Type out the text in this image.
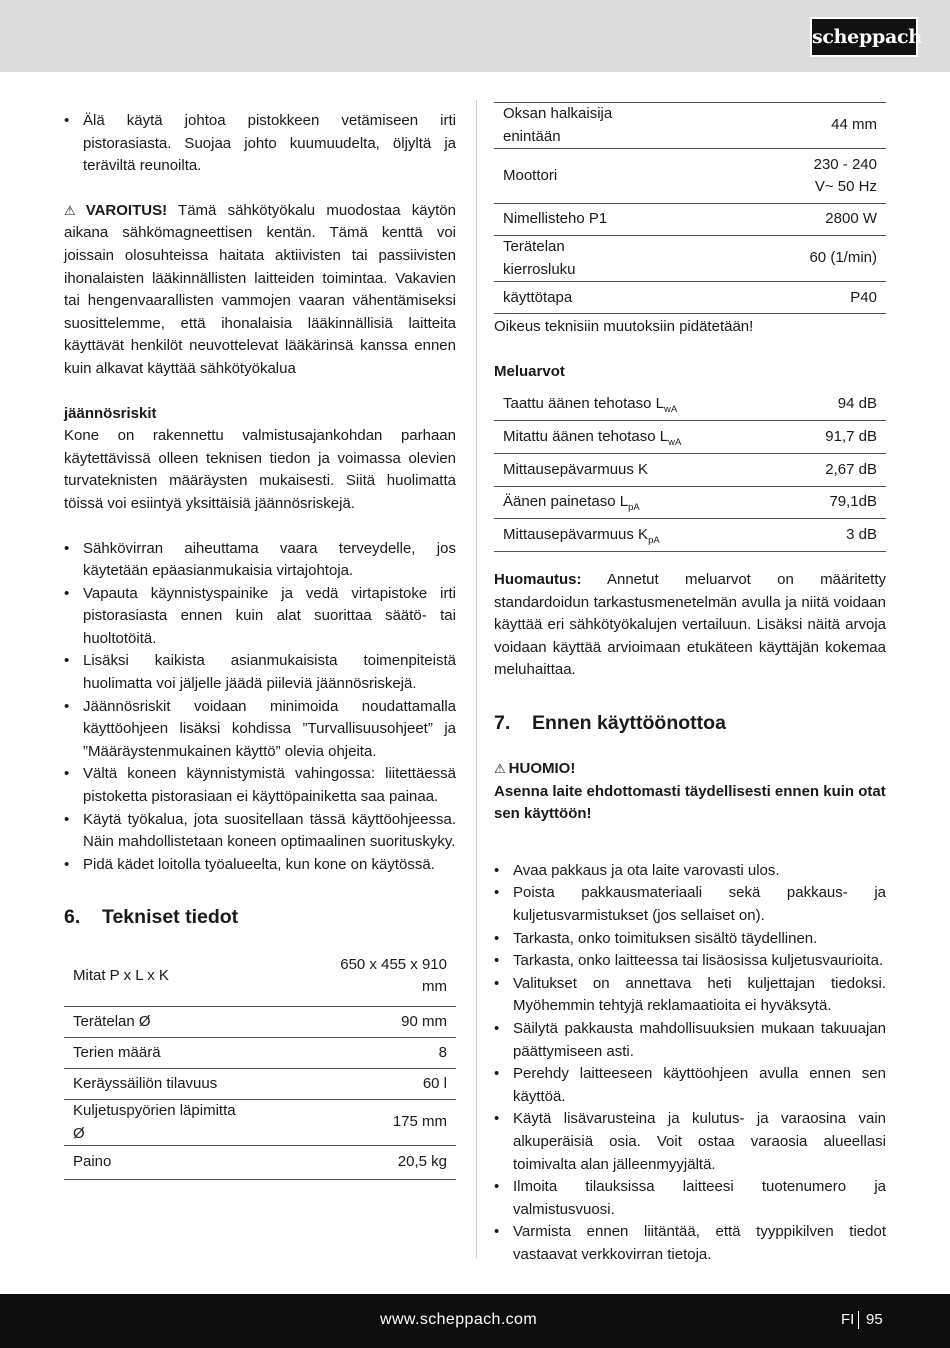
scheppach
• Älä käytä johtoa pistokkeen vetämiseen irti pistorasiasta. Suojaa johto kuumuudelta, öljyltä ja teräviltä reunoilta.

⚠ VAROITUS! Tämä sähkötyökalu muodostaa käytön aikana sähkömagneettisen kentän. Tämä kenttä voi joissain olosuhteissa haitata aktiivisten tai passiivisten ihonalaisten lääkinnällisten laitteiden toimintaa. Vakavien tai hengenvaarallisten vammojen vaaran vähentämiseksi suosittelemme, että ihonalaisia lääkinnällisiä laitteita käyttävät henkilöt neuvottelevat lääkärinsä kanssa ennen kuin alkavat käyttää sähkötyökalua

jäännösriskit

Kone on rakennettu valmistusajankohdan parhaan käytettävissä olleen teknisen tiedon ja voimassa olevien turvateknisten määräysten mukaisesti. Siitä huolimatta töissä voi esiintyä yksittäisiä jäännösriskejä.

• Sähkövirran aiheuttama vaara terveydelle, jos käytetään epäasianmukaisia virtajohtoja.
• Vapauta käynnistyspainike ja vedä virtapistoke irti pistorasiasta ennen kuin alat suorittaa säätö- tai huoltotöitä.
• Lisäksi kaikista asianmukaisista toimenpiteistä huolimatta voi jäljelle jäädä piileviä jäännösriskejä.
• Jäännösriskit voidaan minimoida noudattamalla käyttöohjeen lisäksi kohdissa ”Turvallisuusohjeet” ja ”Määräystenmukainen käyttö” olevia ohjeita.
• Vältä koneen käynnistymistä vahingossa: liitettäessä pistoketta pistorasiaan ei käyttöpainiketta saa painaa.
• Käytä työkalua, jota suositellaan tässä käyttöohjeessa. Näin mahdollistetaan koneen optimaalinen suorituskyky.
• Pidä kädet loitolla työalueelta, kun kone on käytössä.
6. Tekniset tiedot
Mitat P x L x K	650 x 455 x 910 mm
Terätelan Ø	90 mm
Terien määrä	8
Keräyssäiliön tilavuus	60 l
Kuljetuspyörien läpimitta Ø	175 mm
Paino	20,5 kg
Oksan halkaisija enintään	44 mm
Moottori	230 - 240 V~ 50 Hz
Nimellisteho P1	2800 W
Terätelan kierrosluku	60 (1/min)
käyttötapa	P40

Oikeus teknisiin muutoksiin pidätetään!

Meluarvot

Taattu äänen tehotaso $L_{wA}$	94 dB
Mitattu äänen tehotaso $L_{wA}$	91,7 dB
Mittausepävarmuus K	2,67 dB
Äänen painetaso $L_{pA}$	79,1dB
Mittausepävarmuus $K_{pA}$	3 dB

Huomautus: Annetut meluarvot on määritetty standardoidun tarkastusmenetelmän avulla ja niitä voidaan käyttää eri sähkötyökalujen vertailuun. Lisäksi näitä arvoja voidaan käyttää arvioimaan etukäteen käyttäjän kokemaa meluhaittaa.

7. Ennen käyttöönottoa

⚠ HUOMIO!

Asenna laite ehdottomasti täydellisesti ennen kuin otat sen käyttöön!

• Avaa pakkaus ja ota laite varovasti ulos.
• Poista pakkausmateriaali sekä pakkaus- ja kuljetusvarmistukset (jos sellaiset on).
• Tarkasta, onko toimituksen sisältö täydellinen.
• Tarkasta, onko laitteessa tai lisäosissa kuljetusvaurioita.
• Valitukset on annettava heti kuljettajan tiedoksi. Myöhemmin tehtyjä reklamaatioita ei hyväksytä.
• Säilytä pakkausta mahdollisuuksien mukaan takuuajan päättymiseen asti.
• Perehdy laitteeseen käyttöohjeen avulla ennen sen käyttöä.
• Käytä lisävarusteina ja kulutus- ja varaosina vain alkuperäisiä osia. Voit ostaa varaosia alueellasi toimivalta alan jälleenmyyjältä.
• Ilmoita tilauksissa laitteesi tuotenumero ja valmistusvuosi.
• Varmista ennen liitäntää, että tyyppikilven tiedot vastaavat verkkovirran tietoja.
www.scheppach.com	FI 95
